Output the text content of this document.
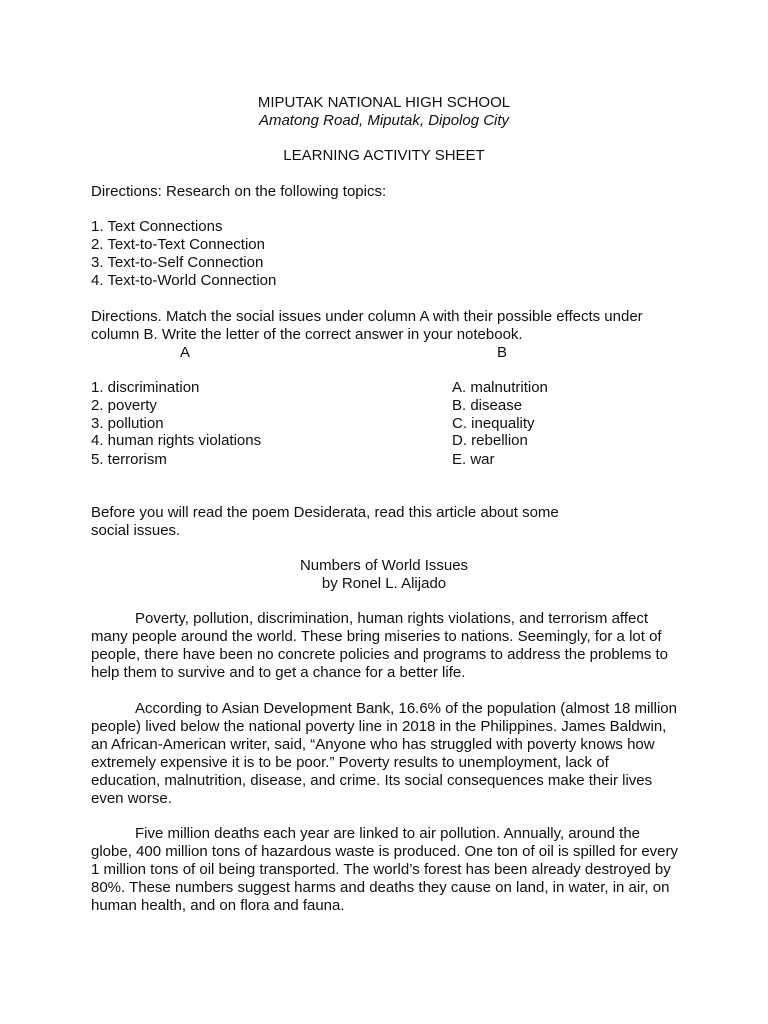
MIPUTAK NATIONAL HIGH SCHOOL
Amatong Road, Miputak, Dipolog City
LEARNING ACTIVITY SHEET
Directions: Research on the following topics:
1. Text Connections
2. Text-to-Text Connection
3. Text-to-Self Connection
4. Text-to-World Connection
Directions. Match the social issues under column A with their possible effects under
column B. Write the letter of the correct answer in your notebook.
A	B
1. discrimination
2. poverty
3. pollution
4. human rights violations
5. terrorism
A. malnutrition
B. disease
C. inequality
D. rebellion
E. war
Before you will read the poem Desiderata, read this article about some
social issues.
Numbers of World Issues
by Ronel L. Alijado

Poverty, pollution, discrimination, human rights violations, and terrorism affect many people around the world. These bring miseries to nations. Seemingly, for a lot of people, there have been no concrete policies and programs to address the problems to help them to survive and to get a chance for a better life.

According to Asian Development Bank, 16.6% of the population (almost 18 million people) lived below the national poverty line in 2018 in the Philippines. James Baldwin, an African-American writer, said, “Anyone who has struggled with poverty knows how extremely expensive it is to be poor.” Poverty results to unemployment, lack of education, malnutrition, disease, and crime. Its social consequences make their lives even worse.

Five million deaths each year are linked to air pollution. Annually, around the globe, 400 million tons of hazardous waste is produced. One ton of oil is spilled for every 1 million tons of oil being transported. The world’s forest has been already destroyed by 80%. These numbers suggest harms and deaths they cause on land, in water, in air, on human health, and on flora and fauna.
